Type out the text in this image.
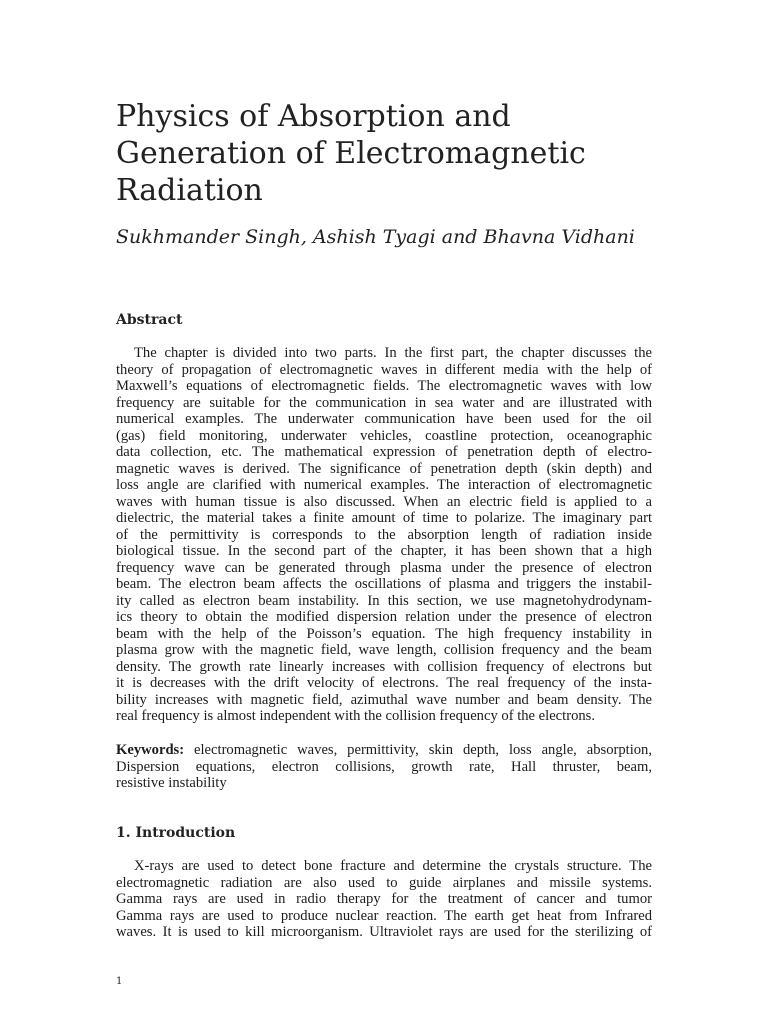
Physics of Absorption and
Generation of Electromagnetic
Radiation

Sukhmander Singh, Ashish Tyagi and Bhavna Vidhani

Abstract
The chapter is divided into two parts. In the first part, the chapter discusses the
theory of propagation of electromagnetic waves in different media with the help of
Maxwell’s equations of electromagnetic fields. The electromagnetic waves with low
frequency are suitable for the communication in sea water and are illustrated with
numerical examples. The underwater communication have been used for the oil
(gas) field monitoring, underwater vehicles, coastline protection, oceanographic
data collection, etc. The mathematical expression of penetration depth of electro-
magnetic waves is derived. The significance of penetration depth (skin depth) and
loss angle are clarified with numerical examples. The interaction of electromagnetic
waves with human tissue is also discussed. When an electric field is applied to a
dielectric, the material takes a finite amount of time to polarize. The imaginary part
of the permittivity is corresponds to the absorption length of radiation inside
biological tissue. In the second part of the chapter, it has been shown that a high
frequency wave can be generated through plasma under the presence of electron
beam. The electron beam affects the oscillations of plasma and triggers the instabil-
ity called as electron beam instability. In this section, we use magnetohydrodynam-
ics theory to obtain the modified dispersion relation under the presence of electron
beam with the help of the Poisson’s equation. The high frequency instability in
plasma grow with the magnetic field, wave length, collision frequency and the beam
density. The growth rate linearly increases with collision frequency of electrons but
it is decreases with the drift velocity of electrons. The real frequency of the insta-
bility increases with magnetic field, azimuthal wave number and beam density. The
real frequency is almost independent with the collision frequency of the electrons.
Keywords: electromagnetic waves, permittivity, skin depth, loss angle, absorption,
Dispersion equations, electron collisions, growth rate, Hall thruster, beam,
resistive instability
1. Introduction
X-rays are used to detect bone fracture and determine the crystals structure. The
electromagnetic radiation are also used to guide airplanes and missile systems.
Gamma rays are used in radio therapy for the treatment of cancer and tumor
Gamma rays are used to produce nuclear reaction. The earth get heat from Infrared
waves. It is used to kill microorganism. Ultraviolet rays are used for the sterilizing of

1
